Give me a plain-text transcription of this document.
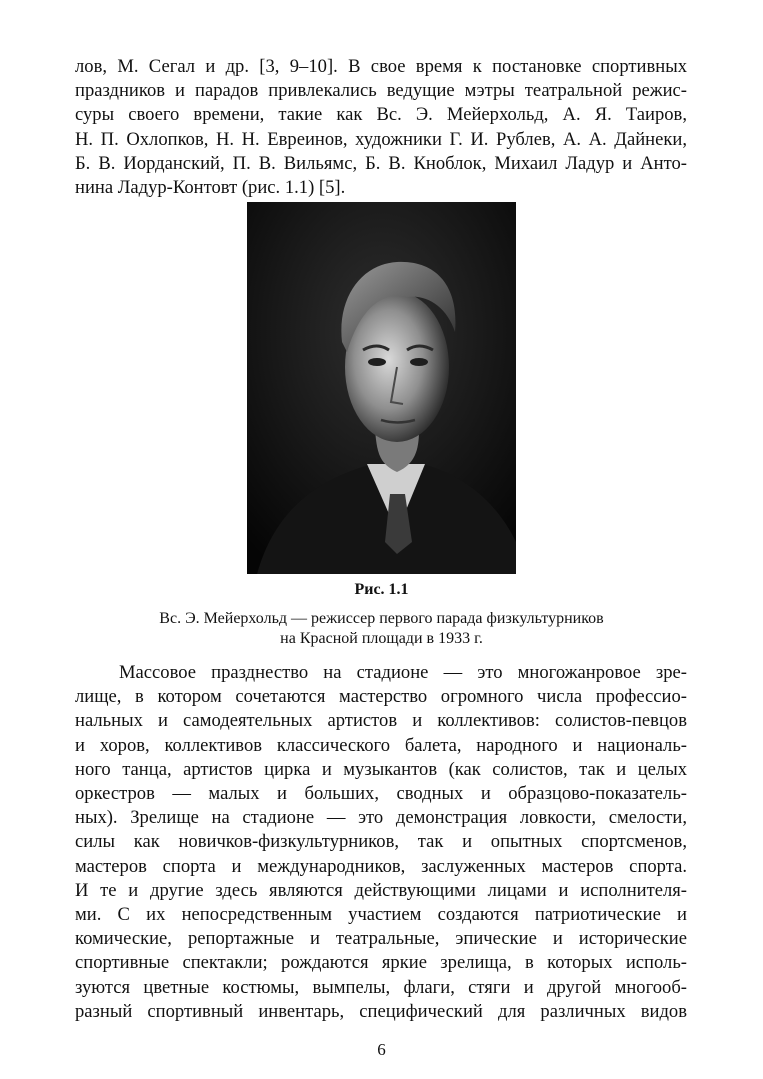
лов, М. Сегал и др. [3, 9–10]. В свое время к постановке спортивных
праздников и парадов привлекались ведущие мэтры театральной режис-
суры своего времени, такие как Вс. Э. Мейерхольд, А. Я. Таиров,
Н. П. Охлопков, Н. Н. Евреинов, художники Г. И. Рублев, А. А. Дайнеки,
Б. В. Иорданский, П. В. Вильямс, Б. В. Кноблок, Михаил Ладур и Анто-
нина Ладур-Контовт (рис. 1.1) [5].

Рис. 1.1

Вс. Э. Мейерхольд — режиссер первого парада физкультурников
на Красной площади в 1933 г.

Массовое празднество на стадионе — это многожанровое зре-
лище, в котором сочетаются мастерство огромного числа профессио-
нальных и самодеятельных артистов и коллективов: солистов-певцов
и хоров, коллективов классического балета, народного и националь-
ного танца, артистов цирка и музыкантов (как солистов, так и целых
оркестров — малых и больших, сводных и образцово-показатель-
ных). Зрелище на стадионе — это демонстрация ловкости, смелости,
силы как новичков-физкультурников, так и опытных спортсменов,
мастеров спорта и международников, заслуженных мастеров спорта.
И те и другие здесь являются действующими лицами и исполнителя-
ми. С их непосредственным участием создаются патриотические и
комические, репортажные и театральные, эпические и исторические
спортивные спектакли; рождаются яркие зрелища, в которых исполь-
зуются цветные костюмы, вымпелы, флаги, стяги и другой многооб-
разный спортивный инвентарь, специфический для различных видов

6
